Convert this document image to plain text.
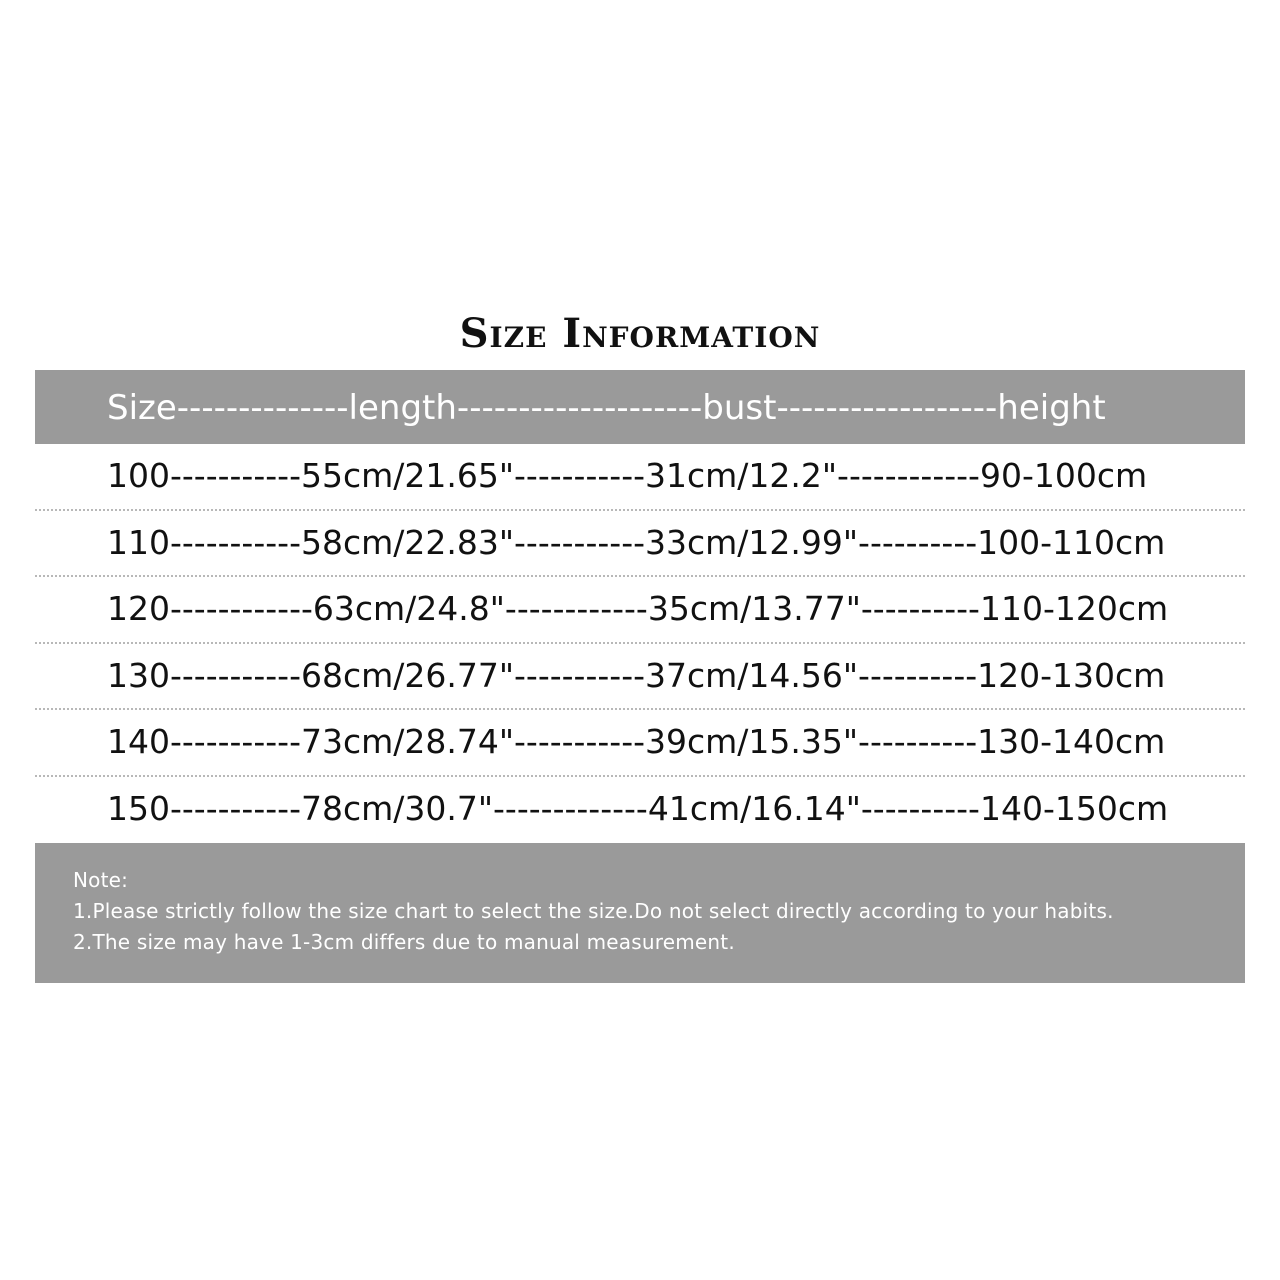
Size Information
Size--------------length--------------------bust------------------height
100-----------55cm/21.65"-----------31cm/12.2"------------90-100cm
110-----------58cm/22.83"-----------33cm/12.99"----------100-110cm
120------------63cm/24.8"------------35cm/13.77"----------110-120cm
130-----------68cm/26.77"-----------37cm/14.56"----------120-130cm
140-----------73cm/28.74"-----------39cm/15.35"----------130-140cm
150-----------78cm/30.7"-------------41cm/16.14"----------140-150cm
Note:
1.Please strictly follow the size chart to select the size.Do not select directly according to your habits.
2.The size may have 1-3cm differs due to manual measurement.
